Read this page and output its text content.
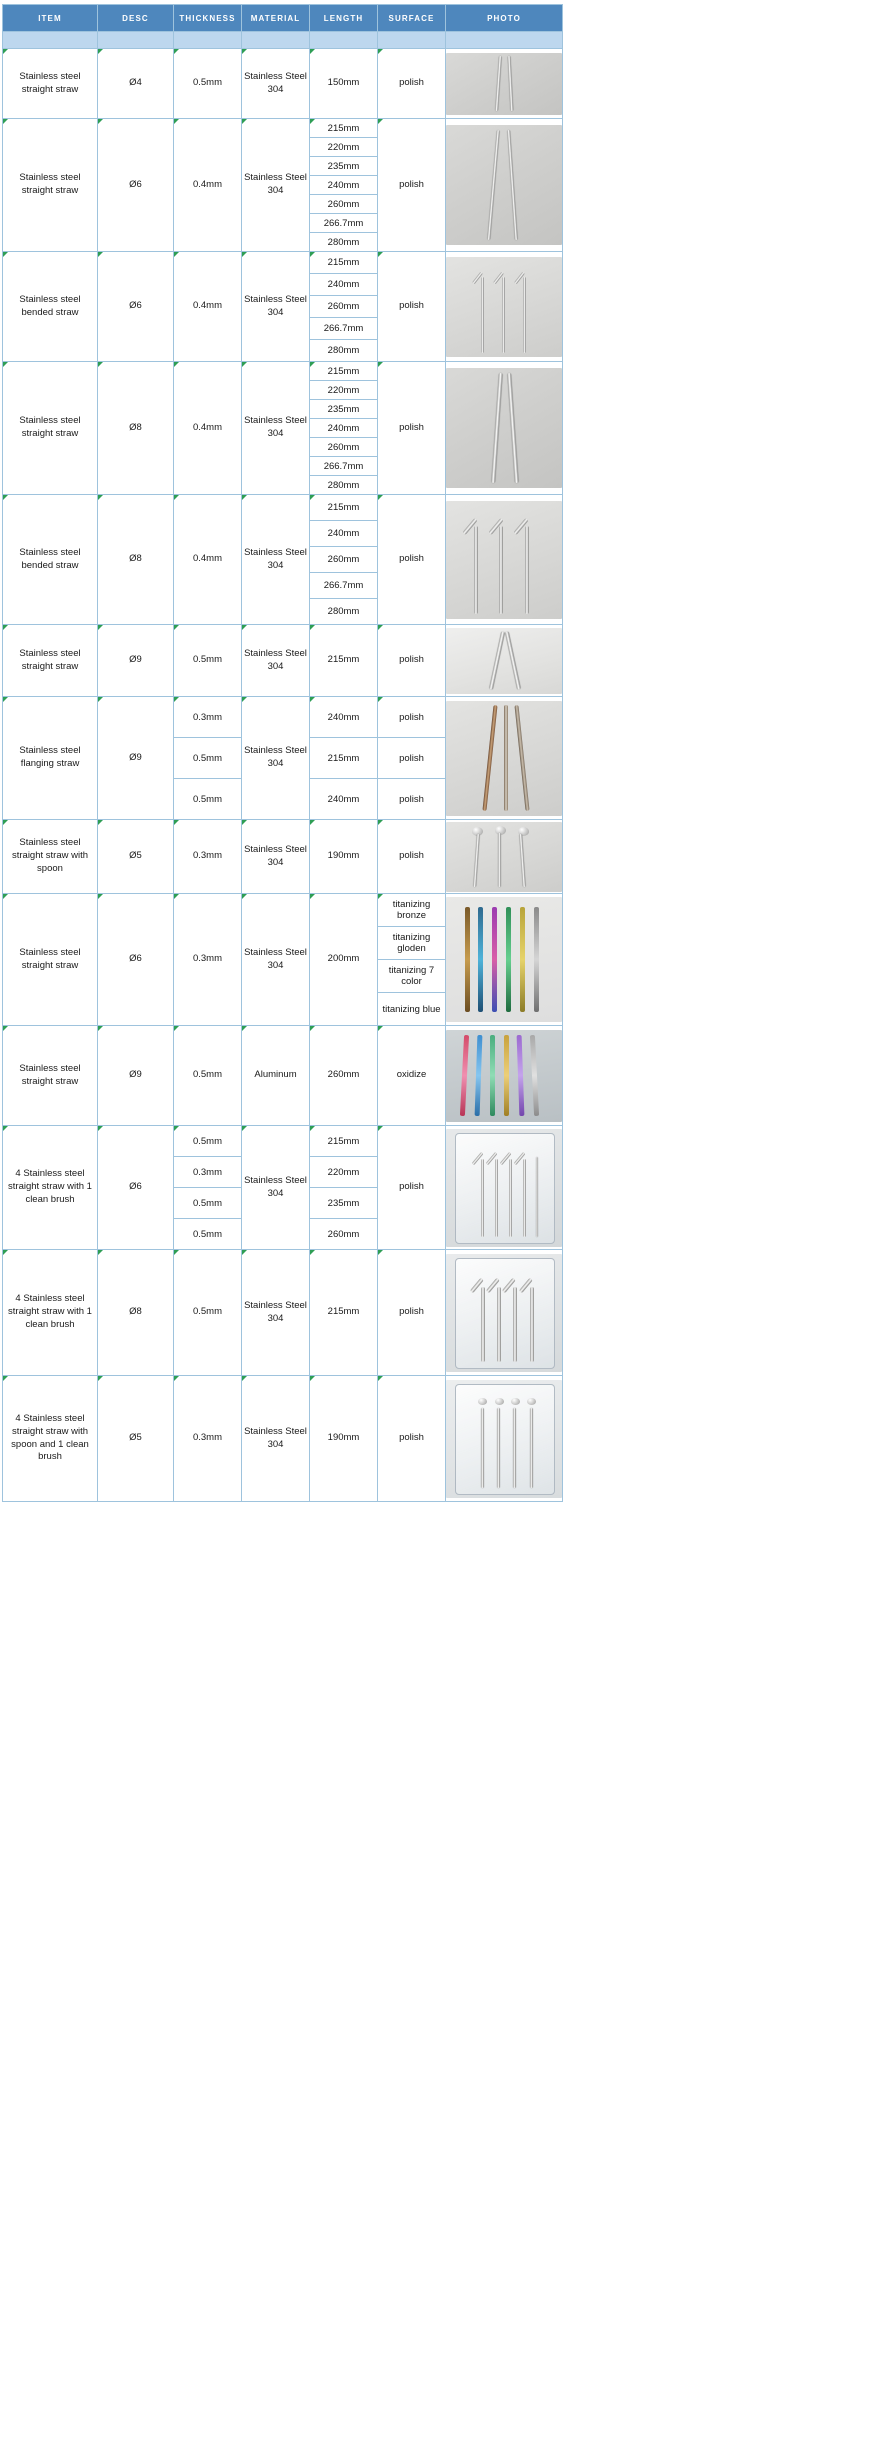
ITEM	DESC	THICKNESS	MATERIAL	LENGTH	SURFACE	PHOTO

Stainless steel straight straw	Ø4	0.5mm	Stainless Steel 304	150mm	polish	

Stainless steel straight straw	Ø6	0.4mm	Stainless Steel 304	215mm	polish	

				220mm		
				235mm		
				240mm		
				260mm		
				266.7mm		
				280mm		
Stainless steel bended straw	Ø6	0.4mm	Stainless Steel 304	215mm	polish	

				240mm		
				260mm		
				266.7mm		
				280mm		
Stainless steel straight straw	Ø8	0.4mm	Stainless Steel 304	215mm	polish	

				220mm		
				235mm		
				240mm		
				260mm		
				266.7mm		
				280mm		
Stainless steel bended straw	Ø8	0.4mm	Stainless Steel 304	215mm	polish	

				240mm		
				260mm		
				266.7mm		
				280mm		
Stainless steel straight straw	Ø9	0.5mm	Stainless Steel 304	215mm	polish	

Stainless steel flanging straw	Ø9	0.3mm	Stainless Steel 304	240mm	polish	

		0.5mm		215mm	polish	
		0.5mm		240mm	polish	
Stainless steel straight straw with spoon	Ø5	0.3mm	Stainless Steel 304	190mm	polish	

Stainless steel straight straw	Ø6	0.3mm	Stainless Steel 304	200mm	titanizing bronze	

					titanizing gloden	
					titanizing 7 color	
					titanizing blue	
Stainless steel straight straw	Ø9	0.5mm	Aluminum	260mm	oxidize	

4 Stainless steel straight straw with 1 clean brush	Ø6	0.5mm	Stainless Steel 304	215mm	polish	

		0.3mm		220mm		
		0.5mm		235mm		
		0.5mm		260mm		
4 Stainless steel straight straw with 1 clean brush	Ø8	0.5mm	Stainless Steel 304	215mm	polish	

4 Stainless steel straight straw with spoon and 1 clean brush	Ø5	0.3mm	Stainless Steel 304	190mm	polish	
